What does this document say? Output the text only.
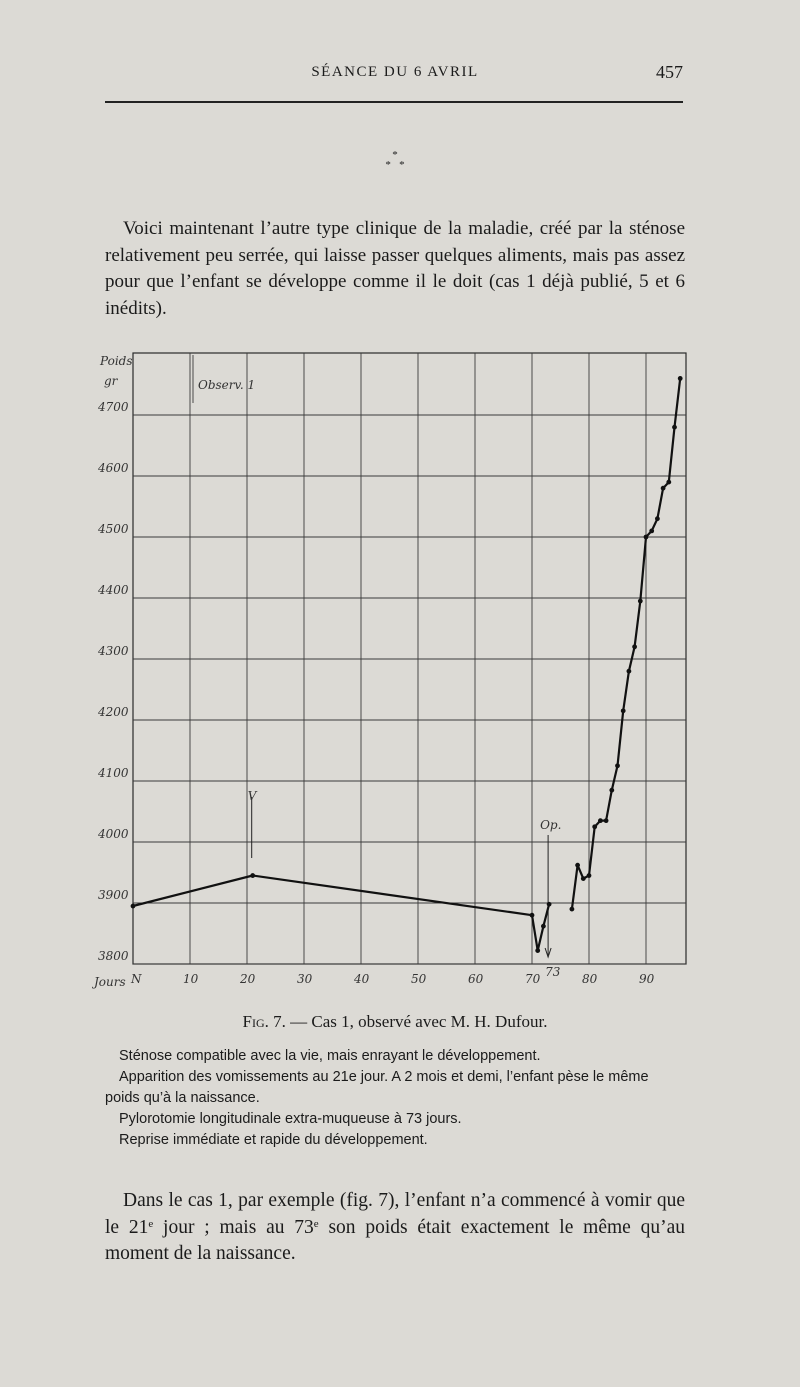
SÉANCE DU 6 AVRIL	457
*
*   *
Voici maintenant l’autre type clinique de la maladie, créé par la sténose relativement peu serrée, qui laisse passer quelques aliments, mais pas assez pour que l’enfant se développe comme il le doit (cas 1 déjà publié, 5 et 6 inédits).
3800
3900
4000
4100
4200
4300
4400
4500
4600
4700
Poids
gr
Jours N	10	20	30	40	50	60	70	80	90
73
Observ. 1
V
Op.
Fig. 7. — Cas 1, observé avec M. H. Dufour.

Sténose compatible avec la vie, mais enrayant le développement.

Apparition des vomissements au 21e jour. A 2 mois et demi, l’enfant pèse le même poids qu’à la naissance.

Pylorotomie longitudinale extra-muqueuse à 73 jours.

Reprise immédiate et rapide du développement.

Dans le cas 1, par exemple (fig. 7), l’enfant n’a commencé à vomir que le 21e jour ; mais au 73e son poids était exactement le même qu’au moment de la naissance.
